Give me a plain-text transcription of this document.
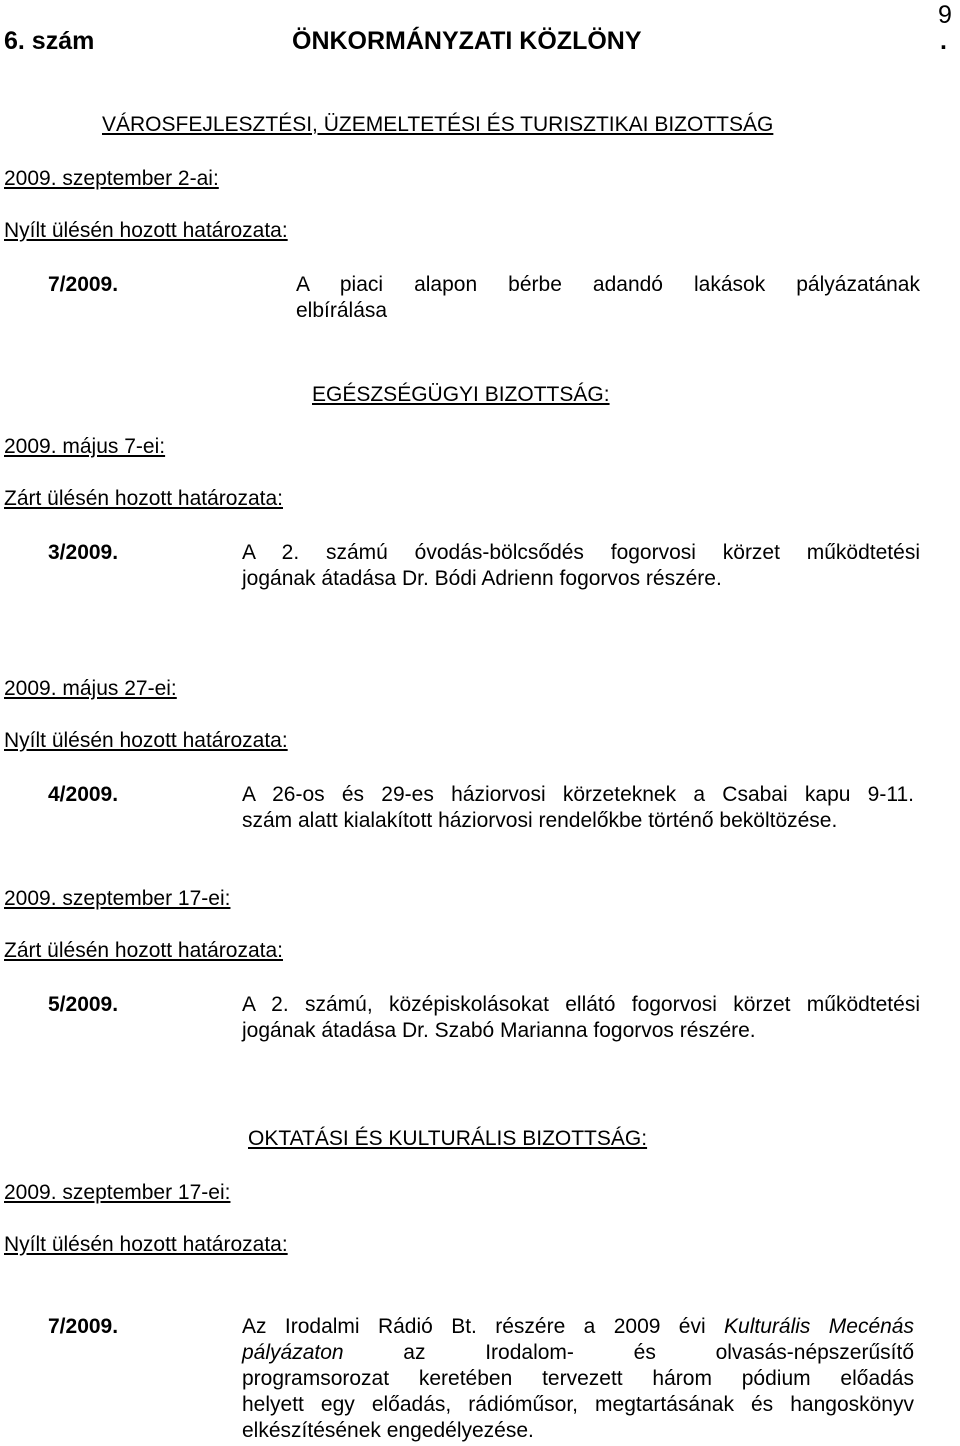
6. szám	ÖNKORMÁNYZATI KÖZLÖNY	.
9
VÁROSFEJLESZTÉSI, ÜZEMELTETÉSI ÉS TURISZTIKAI BIZOTTSÁG
2009. szeptember 2-ai:
Nyílt ülésén hozott határozata:
7/2009.	A piaci alapon bérbe adandó lakások pályázatának
elbírálása
EGÉSZSÉGÜGYI BIZOTTSÁG:
2009. május 7-ei:
Zárt ülésén hozott határozata:
3/2009.	A 2. számú óvodás-bölcsődés fogorvosi körzet működtetési
jogának átadása Dr. Bódi Adrienn fogorvos részére.
2009. május 27-ei:
Nyílt ülésén hozott határozata:
4/2009.	A 26-os és 29-es háziorvosi körzeteknek a Csabai kapu 9-11.
szám alatt kialakított háziorvosi rendelőkbe történő beköltözése.
2009. szeptember 17-ei:
Zárt ülésén hozott határozata:
5/2009.	A 2. számú, középiskolásokat ellátó fogorvosi körzet működtetési
jogának átadása Dr. Szabó Marianna fogorvos részére.
OKTATÁSI ÉS KULTURÁLIS BIZOTTSÁG:
2009. szeptember 17-ei:
Nyílt ülésén hozott határozata:
7/2009.	Az Irodalmi Rádió Bt. részére a 2009 évi Kulturális Mecénás
pályázaton az Irodalom- és olvasás-népszerűsítő
programsorozat keretében tervezett három pódium előadás
helyett egy előadás, rádióműsor, megtartásának és hangoskönyv
elkészítésének engedélyezése.
